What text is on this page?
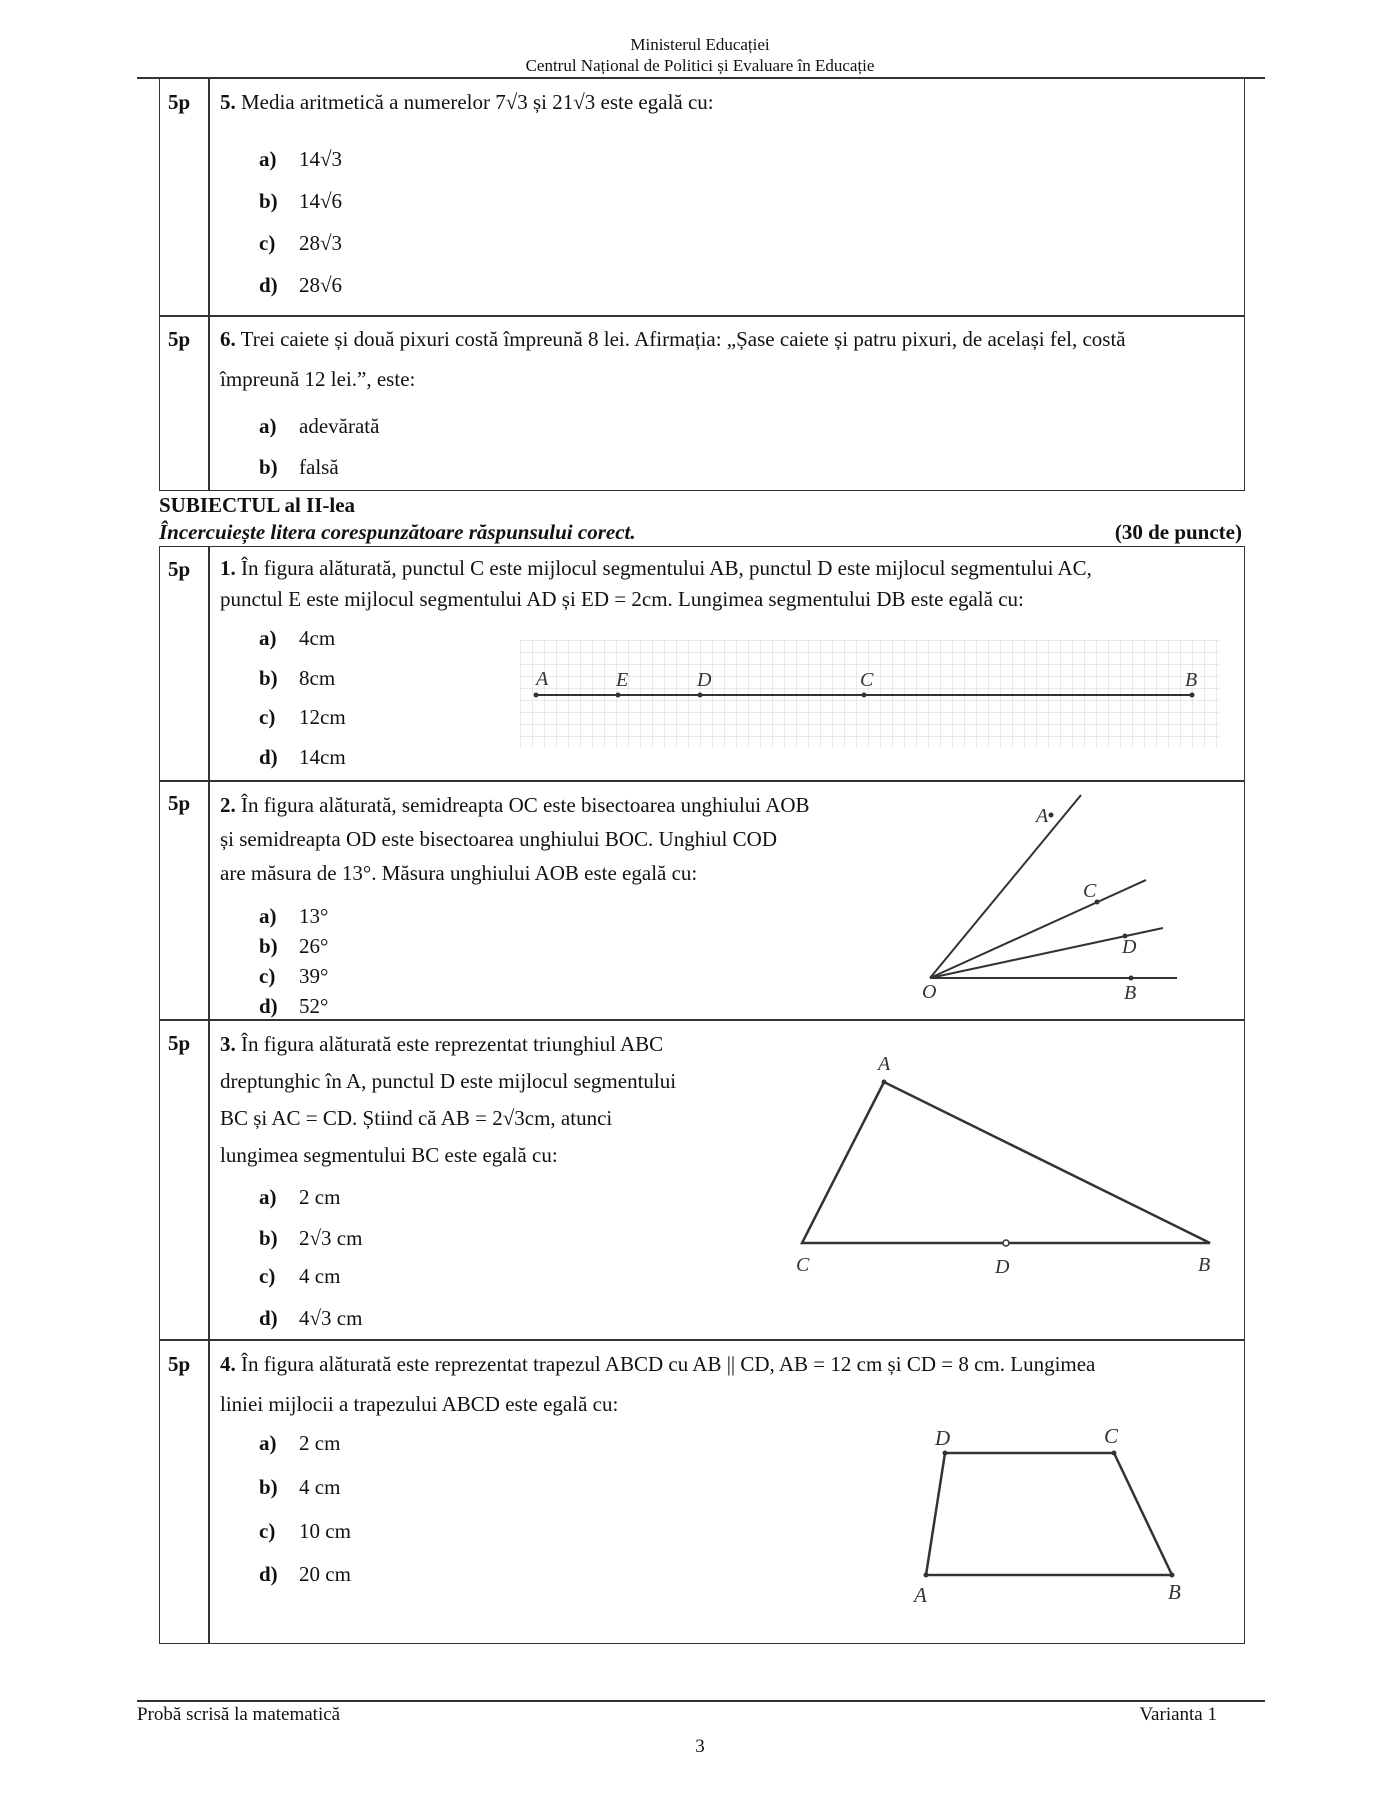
Ministerul Educației
Centrul Național de Politici și Evaluare în Educație
5p 5. Media aritmetică a numerelor 7√3 și 21√3 este egală cu:
a) 14√3
b) 14√6
c) 28√3
d) 28√6
5p 6. Trei caiete și două pixuri costă împreună 8 lei. Afirmația: „Șase caiete și patru pixuri, de același fel, costă
împreună 12 lei.”, este:
a) adevărată
b) falsă
SUBIECTUL al II-lea
Încercuiește litera corespunzătoare răspunsului corect.	(30 de puncte)
5p 1. În figura alăturată, punctul C este mijlocul segmentului AB, punctul D este mijlocul segmentului AC,
punctul E este mijlocul segmentului AD și ED = 2cm. Lungimea segmentului DB este egală cu:
a) 4cm
b) 8cm
c) 12cm
d) 14cm
A	E	D	C	B
5p 2. În figura alăturată, semidreapta OC este bisectoarea unghiului AOB
și semidreapta OD este bisectoarea unghiului BOC. Unghiul COD
are măsura de 13°. Măsura unghiului AOB este egală cu:
a) 13°
b) 26°
c) 39°
d) 52°
A
C
D
O	B
5p 3. În figura alăturată este reprezentat triunghiul ABC
dreptunghic în A, punctul D este mijlocul segmentului
BC și AC = CD. Știind că AB = 2√3cm, atunci
lungimea segmentului BC este egală cu:
a) 2 cm
b) 2√3 cm
c) 4 cm
d) 4√3 cm
A
C	D	B
5p 4. În figura alăturată este reprezentat trapezul ABCD cu AB || CD, AB = 12 cm și CD = 8 cm. Lungimea
liniei mijlocii a trapezului ABCD este egală cu:
a) 2 cm
b) 4 cm
c) 10 cm
d) 20 cm
D	C
A	B
Probă scrisă la matematică	Varianta 1
3
